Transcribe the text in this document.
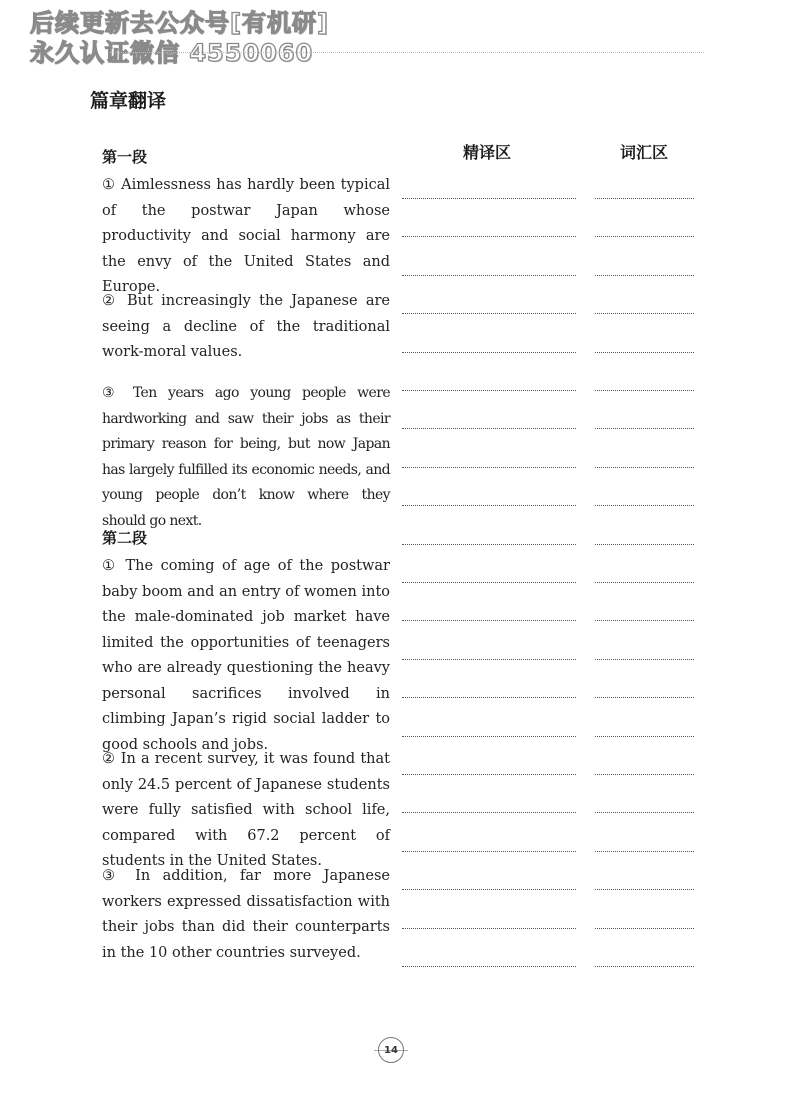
后续更新去公众号[有机研]
永久认证微信 4550060
篇章翻译
精译区	词汇区
第一段
① Aimlessness has hardly been typical of the postwar Japan whose productivity and social harmony are the envy of the United States and Europe.
② But increasingly the Japanese are seeing a decline of the traditional work-moral values.
③ Ten years ago young people were hardworking and saw their jobs as their primary reason for being, but now Japan has largely fulfilled its economic needs, and young people don’t know where they should go next.
第二段
① The coming of age of the postwar baby boom and an entry of women into the male-dominated job market have limited the opportunities of teenagers who are already questioning the heavy personal sacrifices involved in climbing Japan’s rigid social ladder to good schools and jobs.
② In a recent survey, it was found that only 24.5 percent of Japanese students were fully satisfied with school life, compared with 67.2 percent of students in the United States.
③ In addition, far more Japanese workers expressed dissatisfaction with their jobs than did their counterparts in the 10 other countries surveyed.
14
